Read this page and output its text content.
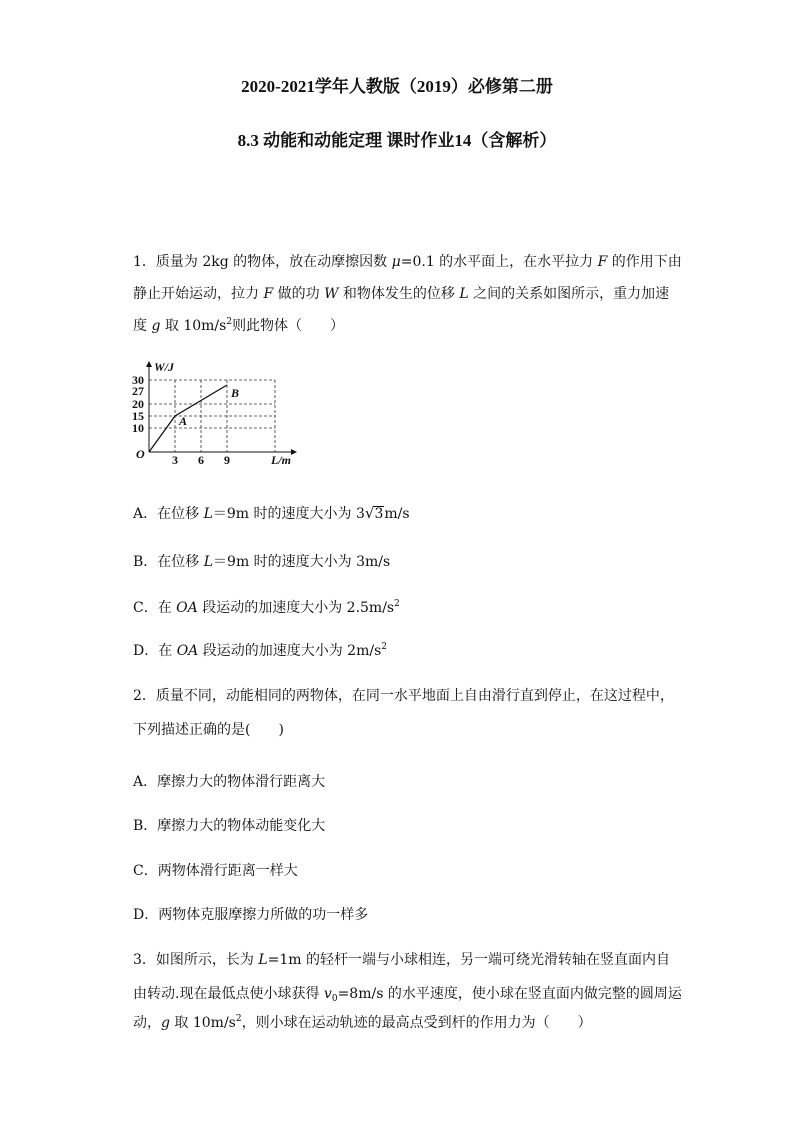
2020-2021学年人教版（2019）必修第二册
8.3 动能和动能定理 课时作业14（含解析）
1．质量为 2kg 的物体，放在动摩擦因数 μ=0.1 的水平面上，在水平拉力 F 的作用下由
静止开始运动，拉力 F 做的功 W 和物体发生的位移 L 之间的关系如图所示，重力加速
度 g 取 $10m/s^2$则此物体（　　）
W/J
L/m
O
A
B
30
27
20
15
10
3 6 9
A．在位移 L＝9m 时的速度大小为 3√3m/s
B．在位移 L＝9m 时的速度大小为 3m/s
C．在 OA 段运动的加速度大小为 $2.5m/s^2$
D．在 OA 段运动的加速度大小为 $2m/s^2$
2．质量不同，动能相同的两物体，在同一水平地面上自由滑行直到停止，在这过程中，
下列描述正确的是(　　)
A．摩擦力大的物体滑行距离大
B．摩擦力大的物体动能变化大
C．两物体滑行距离一样大
D．两物体克服摩擦力所做的功一样多
3．如图所示，长为 L=1m 的轻杆一端与小球相连，另一端可绕光滑转轴在竖直面内自
由转动.现在最低点使小球获得 $v_0=8m/s$ 的水平速度，使小球在竖直面内做完整的圆周运
动，g 取 $10m/s^2$，则小球在运动轨迹的最高点受到杆的作用力为（　　）
